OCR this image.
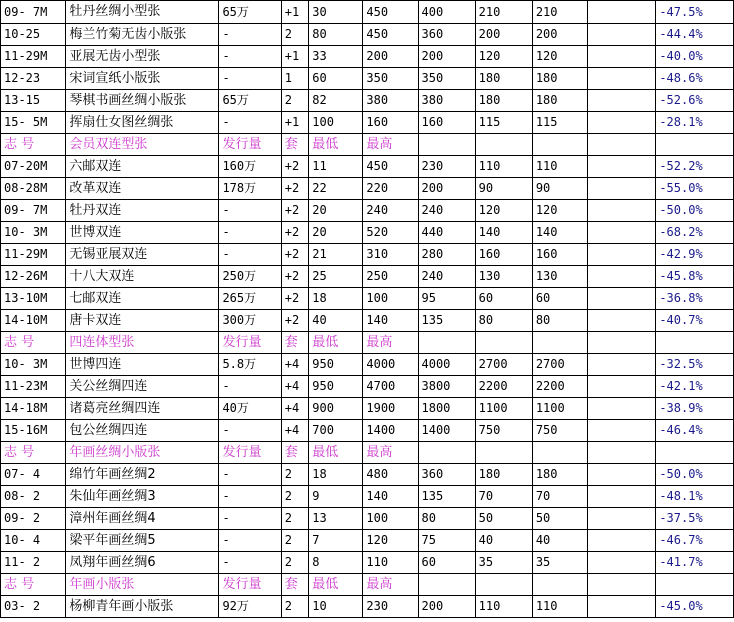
09- 7M	牡丹丝绸小型张	65万	+1	30	450	400	210	210		-47.5%
10-25	梅兰竹菊无齿小版张	-	2	80	450	360	200	200		-44.4%
11-29M	亚展无齿小型张	-	+1	33	200	200	120	120		-40.0%
12-23	宋词宣纸小版张	-	1	60	350	350	180	180		-48.6%
13-15	琴棋书画丝绸小版张	65万	2	82	380	380	180	180		-52.6%
15- 5M	挥扇仕女图丝绸张	-	+1	100	160	160	115	115		-28.1%
志 号	会员双连型张	发行量	套	最低	最高					
07-20M	六邮双连	160万	+2	11	450	230	110	110		-52.2%
08-28M	改革双连	178万	+2	22	220	200	90	90		-55.0%
09- 7M	牡丹双连	-	+2	20	240	240	120	120		-50.0%
10- 3M	世博双连	-	+2	20	520	440	140	140		-68.2%
11-29M	无锡亚展双连	-	+2	21	310	280	160	160		-42.9%
12-26M	十八大双连	250万	+2	25	250	240	130	130		-45.8%
13-10M	七邮双连	265万	+2	18	100	95	60	60		-36.8%
14-10M	唐卡双连	300万	+2	40	140	135	80	80		-40.7%
志 号	四连体型张	发行量	套	最低	最高					
10- 3M	世博四连	5.8万	+4	950	4000	4000	2700	2700		-32.5%
11-23M	关公丝绸四连	-	+4	950	4700	3800	2200	2200		-42.1%
14-18M	诸葛亮丝绸四连	40万	+4	900	1900	1800	1100	1100		-38.9%
15-16M	包公丝绸四连	-	+4	700	1400	1400	750	750		-46.4%
志 号	年画丝绸小版张	发行量	套	最低	最高					
07- 4	绵竹年画丝绸2	-	2	18	480	360	180	180		-50.0%
08- 2	朱仙年画丝绸3	-	2	9	140	135	70	70		-48.1%
09- 2	漳州年画丝绸4	-	2	13	100	80	50	50		-37.5%
10- 4	梁平年画丝绸5	-	2	7	120	75	40	40		-46.7%
11- 2	凤翔年画丝绸6	-	2	8	110	60	35	35		-41.7%
志 号	年画小版张	发行量	套	最低	最高					
03- 2	杨柳青年画小版张	92万	2	10	230	200	110	110		-45.0%
